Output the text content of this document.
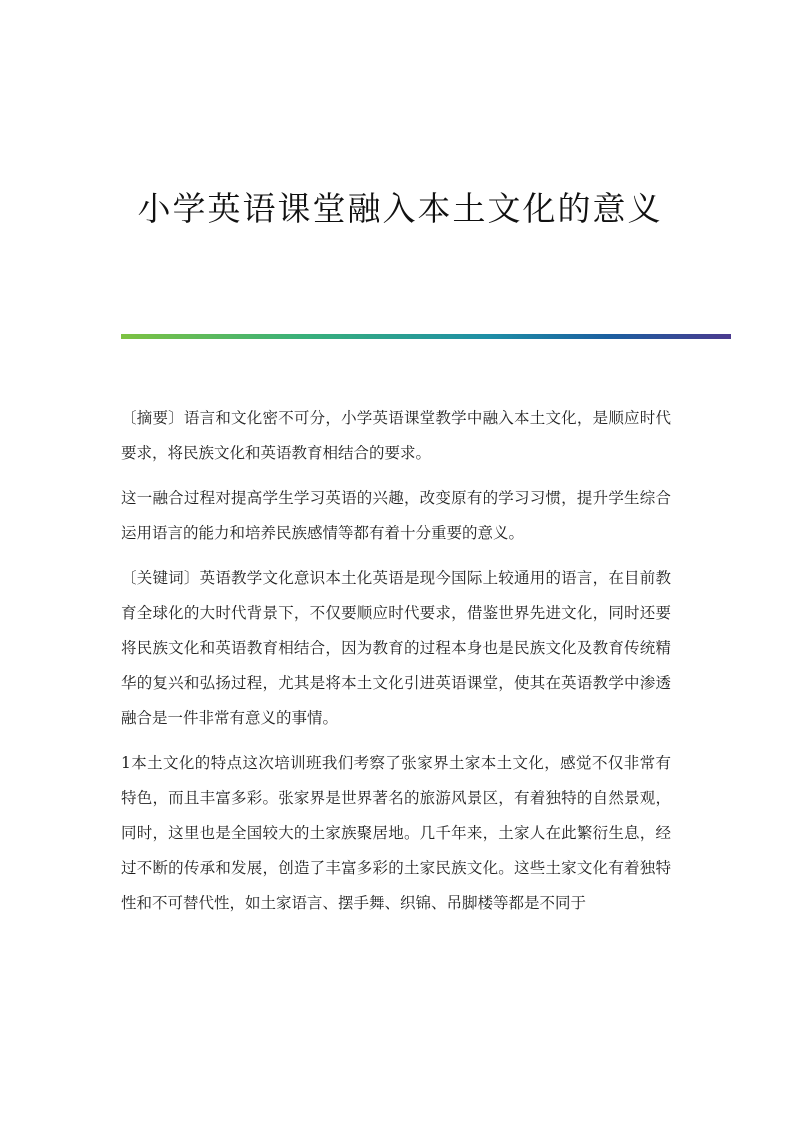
小学英语课堂融入本土文化的意义

〔摘要〕语言和文化密不可分，小学英语课堂教学中融入本土文化，是顺应时代要求，将民族文化和英语教育相结合的要求。

这一融合过程对提高学生学习英语的兴趣，改变原有的学习习惯，提升学生综合运用语言的能力和培养民族感情等都有着十分重要的意义。

〔关键词〕英语教学文化意识本土化英语是现今国际上较通用的语言，在目前教育全球化的大时代背景下，不仅要顺应时代要求，借鉴世界先进文化，同时还要将民族文化和英语教育相结合，因为教育的过程本身也是民族文化及教育传统精华的复兴和弘扬过程，尤其是将本土文化引进英语课堂，使其在英语教学中渗透融合是一件非常有意义的事情。

1本土文化的特点这次培训班我们考察了张家界土家本土文化，感觉不仅非常有特色，而且丰富多彩。张家界是世界著名的旅游风景区，有着独特的自然景观，同时，这里也是全国较大的土家族聚居地。几千年来，土家人在此繁衍生息，经过不断的传承和发展，创造了丰富多彩的土家民族文化。这些土家文化有着独特性和不可替代性，如土家语言、摆手舞、织锦、吊脚楼等都是不同于
